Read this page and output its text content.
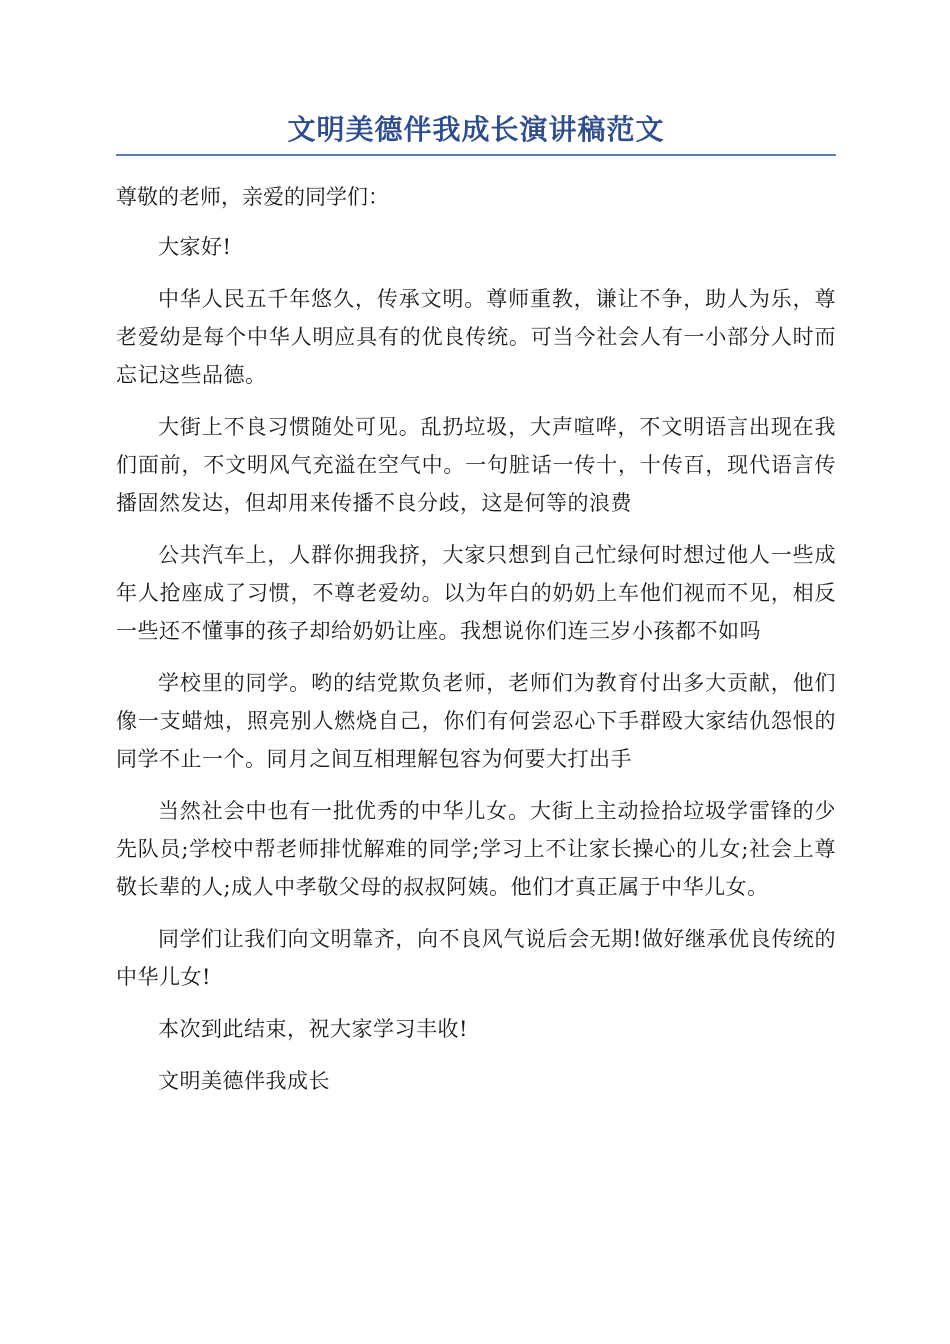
文明美德伴我成长演讲稿范文

尊敬的老师，亲爱的同学们：

大家好!

中华人民五千年悠久，传承文明。尊师重教，谦让不争，助人为乐，尊老爱幼是每个中华人明应具有的优良传统。可当今社会人有一小部分人时而忘记这些品德。

大街上不良习惯随处可见。乱扔垃圾，大声喧哗，不文明语言出现在我们面前，不文明风气充溢在空气中。一句脏话一传十，十传百，现代语言传播固然发达，但却用来传播不良分歧，这是何等的浪费

公共汽车上，人群你拥我挤，大家只想到自己忙绿何时想过他人一些成年人抢座成了习惯，不尊老爱幼。以为年白的奶奶上车他们视而不见，相反一些还不懂事的孩子却给奶奶让座。我想说你们连三岁小孩都不如吗

学校里的同学。哟的结党欺负老师，老师们为教育付出多大贡献，他们像一支蜡烛，照亮别人燃烧自己，你们有何尝忍心下手群殴大家结仇怨恨的同学不止一个。同月之间互相理解包容为何要大打出手

当然社会中也有一批优秀的中华儿女。大街上主动捡拾垃圾学雷锋的少先队员;学校中帮老师排忧解难的同学;学习上不让家长操心的儿女;社会上尊敬长辈的人;成人中孝敬父母的叔叔阿姨。他们才真正属于中华儿女。

同学们让我们向文明靠齐，向不良风气说后会无期!做好继承优良传统的中华儿女!

本次到此结束，祝大家学习丰收!

文明美德伴我成长
